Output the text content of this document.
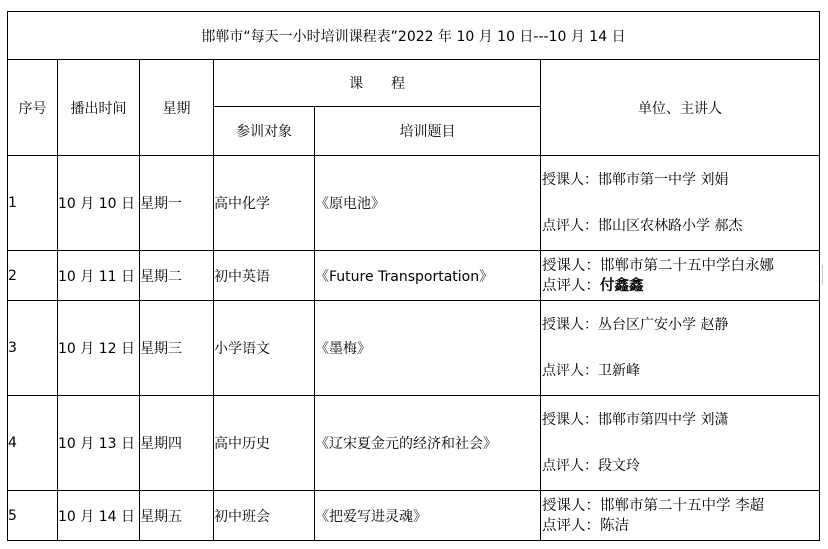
邯郸市“每天一小时培训课程表”2022 年 10 月 10 日---10 月 14 日					
序号	播出时间	星期	课　　程		单位、主讲人
			参训对象	培训题目	
1	10 月 10 日	星期一	高中化学	《原电池》	授课人：邯郸市第一中学 刘娟
点评人：邯山区农林路小学 郝杰

2	10 月 11 日	星期二	初中英语	《Future Transportation》	授课人：邯郸市第二十五中学白永娜
点评人：付鑫鑫

3	10 月 12 日	星期三	小学语文	《墨梅》	授课人：丛台区广安小学 赵静
点评人：卫新峰

4	10 月 13 日	星期四	高中历史	《辽宋夏金元的经济和社会》	授课人：邯郸市第四中学 刘潇
点评人：段文玲

5	10 月 14 日	星期五	初中班会	《把爱写进灵魂》	授课人：邯郸市第二十五中学 李超
点评人：陈洁
